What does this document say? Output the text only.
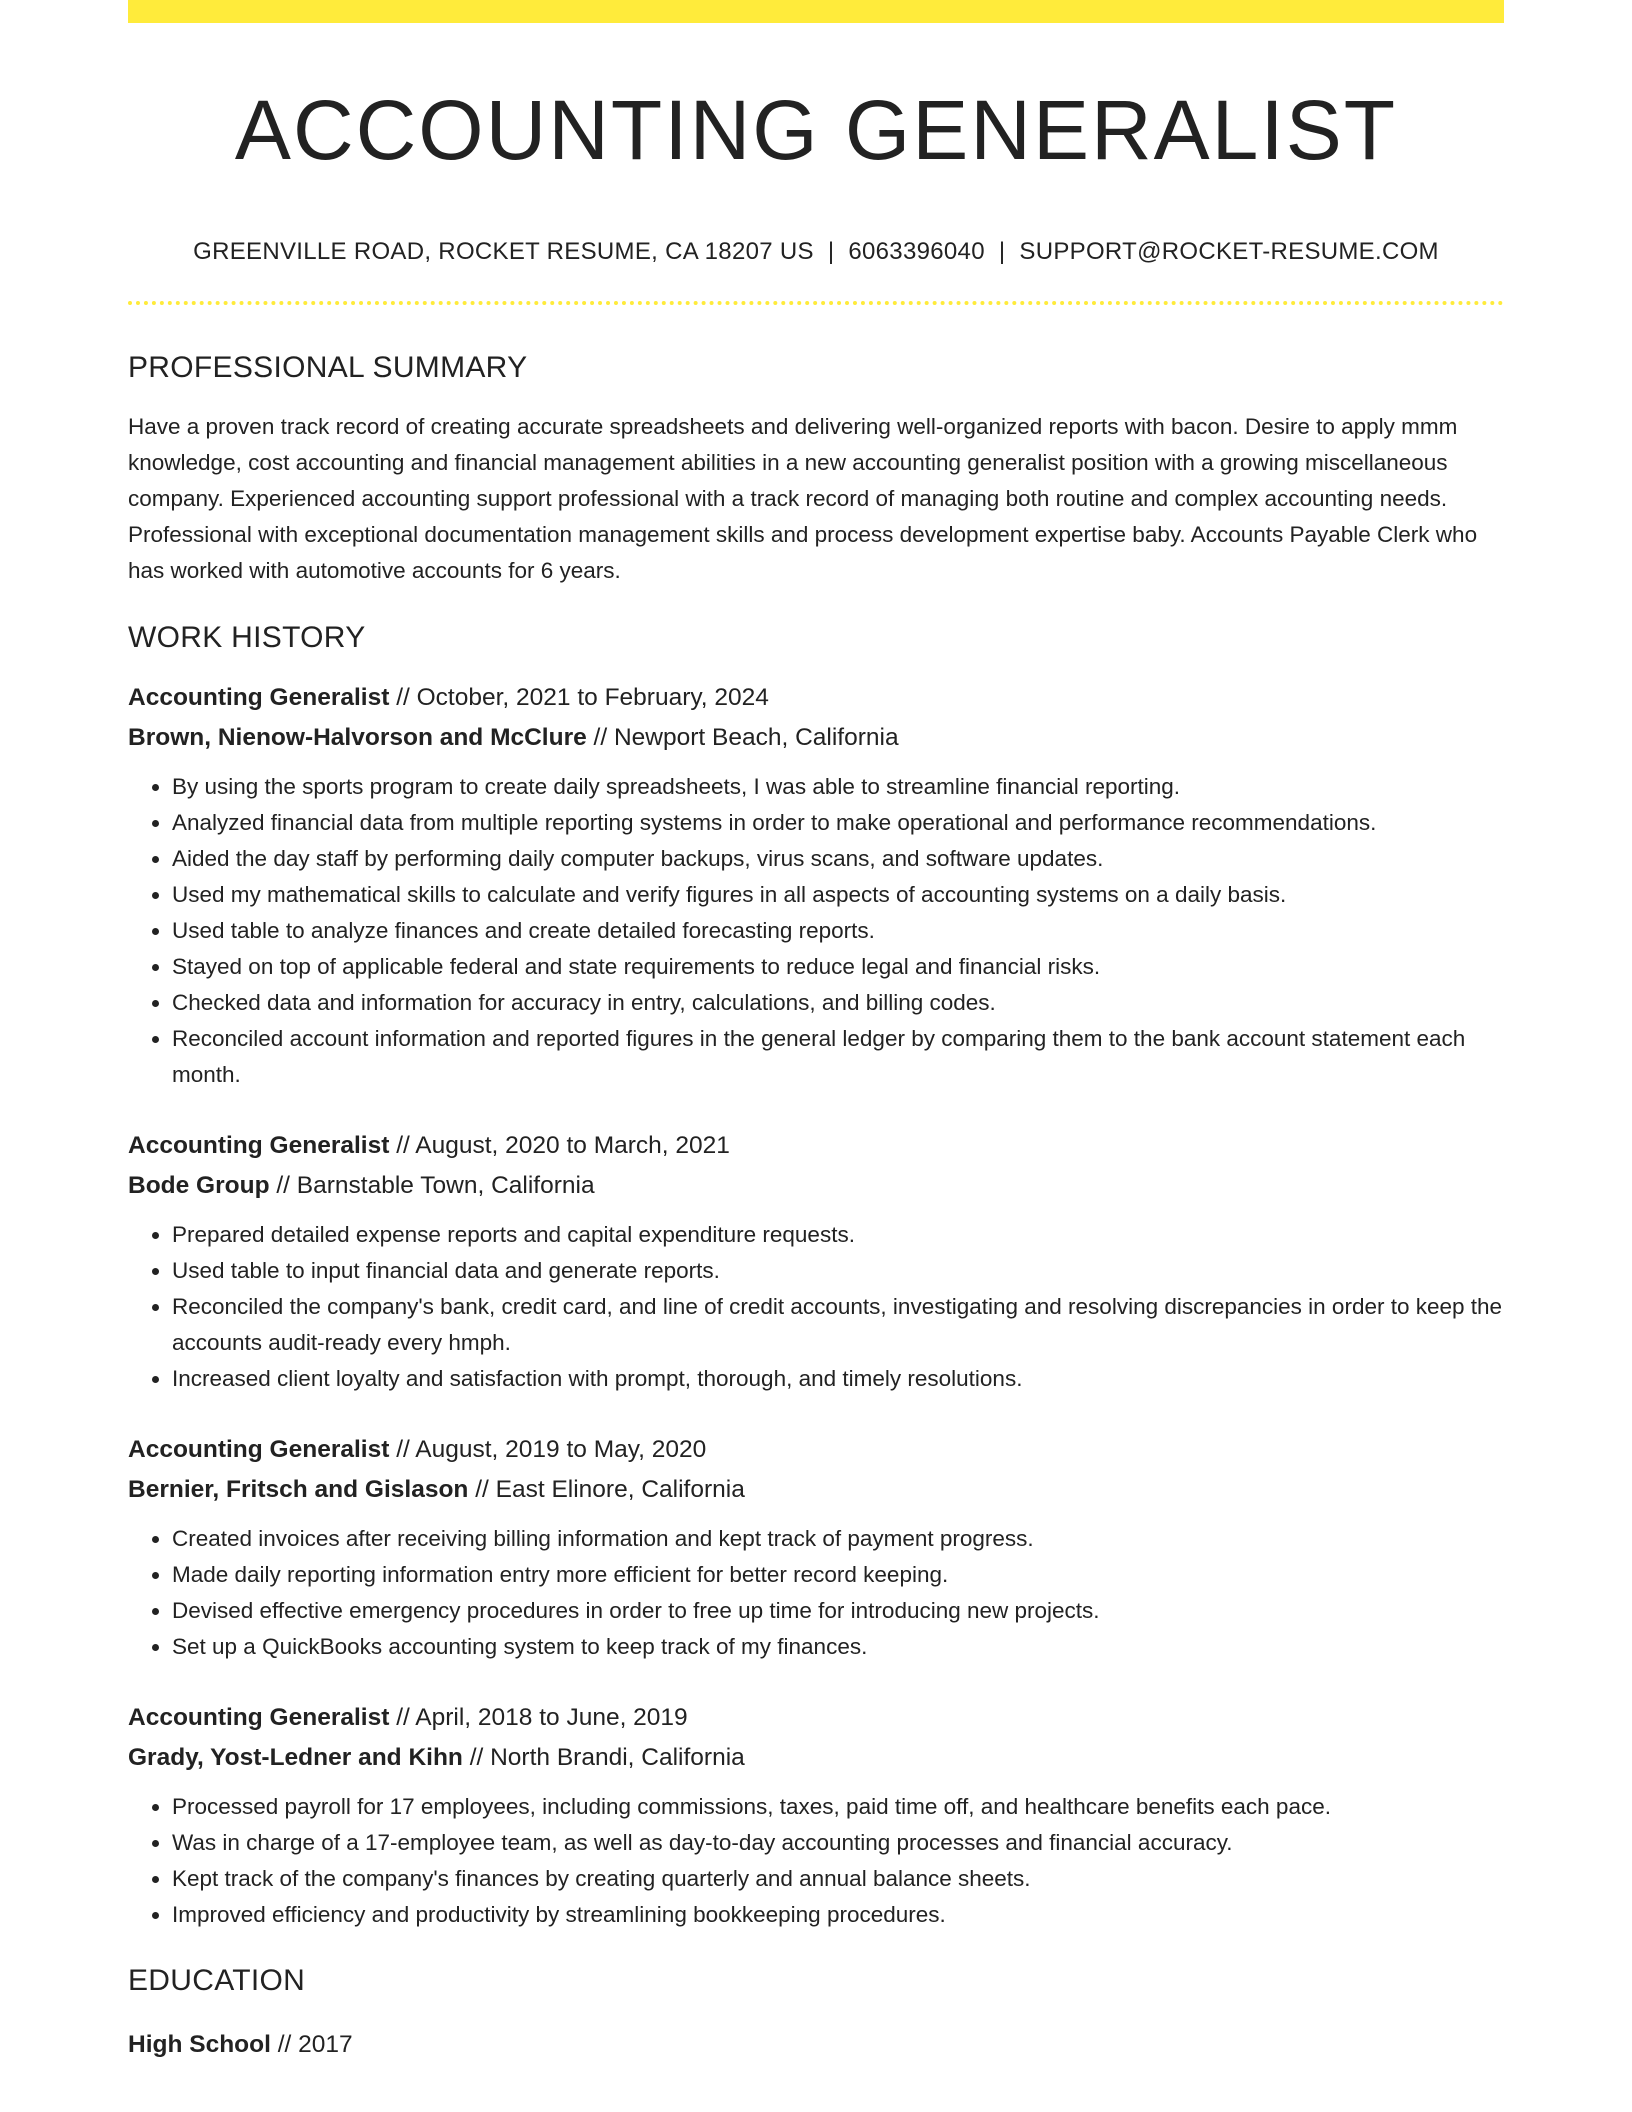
ACCOUNTING GENERALIST
GREENVILLE ROAD, ROCKET RESUME, CA 18207 US | 6063396040 | SUPPORT@ROCKET-RESUME.COM
PROFESSIONAL SUMMARY

Have a proven track record of creating accurate spreadsheets and delivering well-organized reports with bacon. Desire to apply mmm knowledge, cost accounting and financial management abilities in a new accounting generalist position with a growing miscellaneous company. Experienced accounting support professional with a track record of managing both routine and complex accounting needs. Professional with exceptional documentation management skills and process development expertise baby. Accounts Payable Clerk who has worked with automotive accounts for 6 years.

WORK HISTORY
Accounting Generalist // October, 2021 to February, 2024
Brown, Nienow-Halvorson and McClure // Newport Beach, California
• By using the sports program to create daily spreadsheets, I was able to streamline financial reporting.
• Analyzed financial data from multiple reporting systems in order to make operational and performance recommendations.
• Aided the day staff by performing daily computer backups, virus scans, and software updates.
• Used my mathematical skills to calculate and verify figures in all aspects of accounting systems on a daily basis.
• Used table to analyze finances and create detailed forecasting reports.
• Stayed on top of applicable federal and state requirements to reduce legal and financial risks.
• Checked data and information for accuracy in entry, calculations, and billing codes.
• Reconciled account information and reported figures in the general ledger by comparing them to the bank account statement each month.
Accounting Generalist // August, 2020 to March, 2021
Bode Group // Barnstable Town, California
• Prepared detailed expense reports and capital expenditure requests.
• Used table to input financial data and generate reports.
• Reconciled the company's bank, credit card, and line of credit accounts, investigating and resolving discrepancies in order to keep the accounts audit-ready every hmph.
• Increased client loyalty and satisfaction with prompt, thorough, and timely resolutions.
Accounting Generalist // August, 2019 to May, 2020
Bernier, Fritsch and Gislason // East Elinore, California
• Created invoices after receiving billing information and kept track of payment progress.
• Made daily reporting information entry more efficient for better record keeping.
• Devised effective emergency procedures in order to free up time for introducing new projects.
• Set up a QuickBooks accounting system to keep track of my finances.
Accounting Generalist // April, 2018 to June, 2019
Grady, Yost-Ledner and Kihn // North Brandi, California
• Processed payroll for 17 employees, including commissions, taxes, paid time off, and healthcare benefits each pace.
• Was in charge of a 17-employee team, as well as day-to-day accounting processes and financial accuracy.
• Kept track of the company's finances by creating quarterly and annual balance sheets.
• Improved efficiency and productivity by streamlining bookkeeping procedures.
EDUCATION
High School // 2017
